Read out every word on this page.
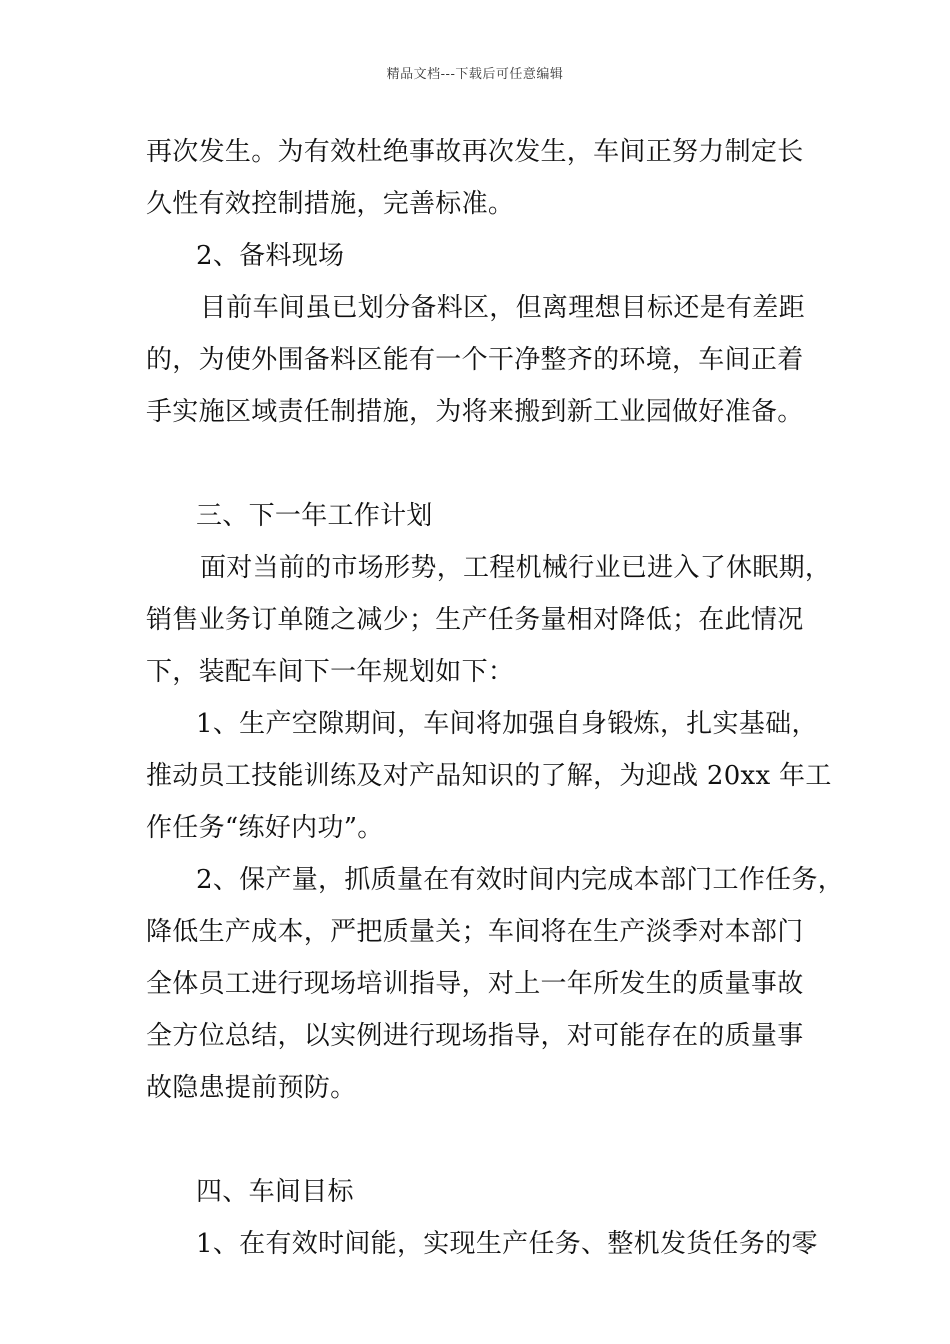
精品文档---下载后可任意编辑
再次发生。为有效杜绝事故再次发生，车间正努力制定长
久性有效控制措施，完善标准。
2、备料现场
目前车间虽已划分备料区，但离理想目标还是有差距
的，为使外围备料区能有一个干净整齐的环境，车间正着
手实施区域责任制措施，为将来搬到新工业园做好准备。
三、下一年工作计划
面对当前的市场形势，工程机械行业已进入了休眠期，
销售业务订单随之减少；生产任务量相对降低；在此情况
下，装配车间下一年规划如下：
1、生产空隙期间，车间将加强自身锻炼，扎实基础，
推动员工技能训练及对产品知识的了解，为迎战 20xx 年工
作任务“练好内功”。
2、保产量，抓质量在有效时间内完成本部门工作任务，
降低生产成本，严把质量关；车间将在生产淡季对本部门
全体员工进行现场培训指导，对上一年所发生的质量事故
全方位总结，以实例进行现场指导，对可能存在的质量事
故隐患提前预防。
四、车间目标
1、在有效时间能，实现生产任务、整机发货任务的零
